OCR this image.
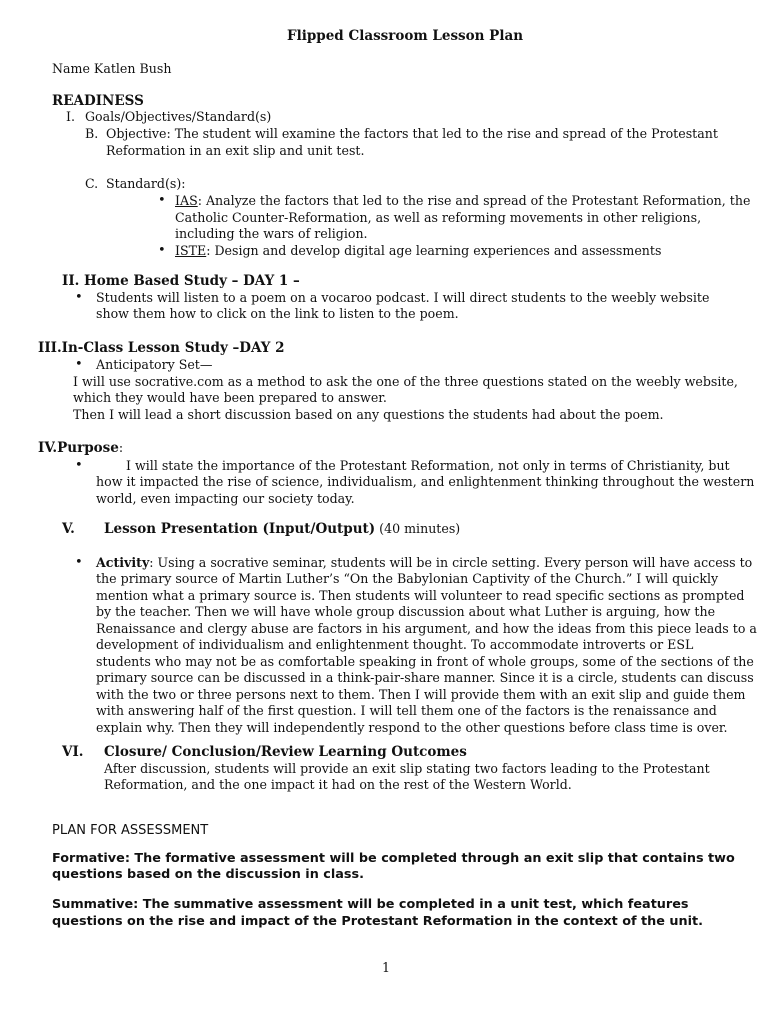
Flipped Classroom Lesson Plan
Name Katlen Bush
READINESS
I. Goals/Objectives/Standard(s)
B. Objective: The student will examine the factors that led to the rise and spread of the Protestant
Reformation in an exit slip and unit test.
C. Standard(s):
• IAS: Analyze the factors that led to the rise and spread of the Protestant Reformation, the
Catholic Counter-Reformation, as well as reforming movements in other religions,
including the wars of religion.
• ISTE: Design and develop digital age learning experiences and assessments
II. Home Based Study – DAY 1 –
• Students will listen to a poem on a vocaroo podcast. I will direct students to the weebly website
show them how to click on the link to listen to the poem.
III.In-Class Lesson Study –DAY 2
• Anticipatory Set—
I will use socrative.com as a method to ask the one of the three questions stated on the weebly website,
which they would have been prepared to answer.
Then I will lead a short discussion based on any questions the students had about the poem.
IV.Purpose:
•	I will state the importance of the Protestant Reformation, not only in terms of Christianity, but
how it impacted the rise of science, individualism, and enlightenment thinking throughout the western
world, even impacting our society today.
V. Lesson Presentation (Input/Output) (40 minutes)
• Activity: Using a socrative seminar, students will be in circle setting. Every person will have access to
the primary source of Martin Luther’s “On the Babylonian Captivity of the Church.” I will quickly
mention what a primary source is. Then students will volunteer to read specific sections as prompted
by the teacher. Then we will have whole group discussion about what Luther is arguing, how the
Renaissance and clergy abuse are factors in his argument, and how the ideas from this piece leads to a
development of individualism and enlightenment thought. To accommodate introverts or ESL
students who may not be as comfortable speaking in front of whole groups, some of the sections of the
primary source can be discussed in a think-pair-share manner. Since it is a circle, students can discuss
with the two or three persons next to them. Then I will provide them with an exit slip and guide them
with answering half of the first question. I will tell them one of the factors is the renaissance and
explain why. Then they will independently respond to the other questions before class time is over.
VI. Closure/ Conclusion/Review Learning Outcomes
After discussion, students will provide an exit slip stating two factors leading to the Protestant
Reformation, and the one impact it had on the rest of the Western World.
PLAN FOR ASSESSMENT
Formative: The formative assessment will be completed through an exit slip that contains two
questions based on the discussion in class.
Summative: The summative assessment will be completed in a unit test, which features
questions on the rise and impact of the Protestant Reformation in the context of the unit.
1
